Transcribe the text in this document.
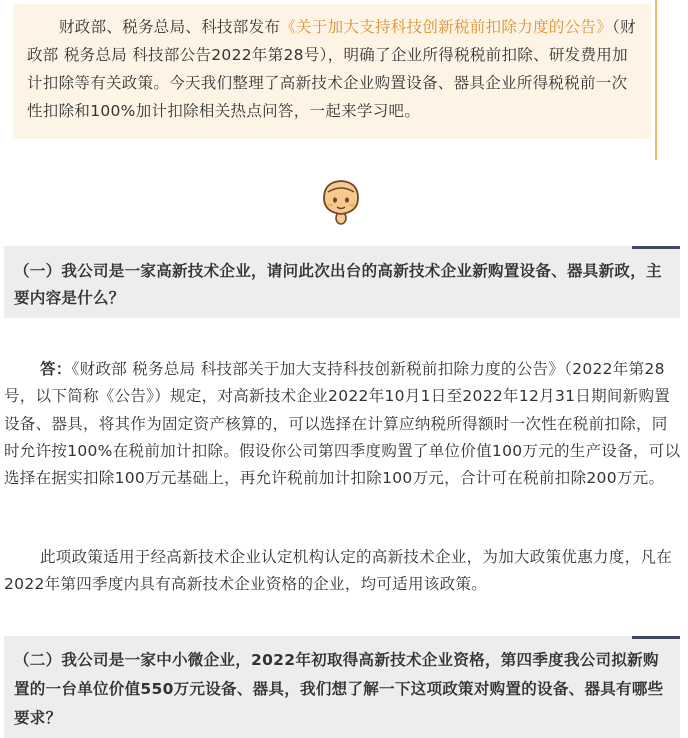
财政部、税务总局、科技部发布《关于加大支持科技创新税前扣除力度的公告》（财政部 税务总局 科技部公告2022年第28号），明确了企业所得税税前扣除、研发费用加计扣除等有关政策。今天我们整理了高新技术企业购置设备、器具企业所得税税前一次性扣除和100%加计扣除相关热点问答，一起来学习吧。
（一）我公司是一家高新技术企业，请问此次出台的高新技术企业新购置设备、器具新政，主要内容是什么？
答：《财政部 税务总局 科技部关于加大支持科技创新税前扣除力度的公告》（2022年第28号，以下简称《公告》）规定，对高新技术企业2022年10月1日至2022年12月31日期间新购置设备、器具，将其作为固定资产核算的，可以选择在计算应纳税所得额时一次性在税前扣除，同时允许按100%在税前加计扣除。假设你公司第四季度购置了单位价值100万元的生产设备，可以选择在据实扣除100万元基础上，再允许税前加计扣除100万元，合计可在税前扣除200万元。
此项政策适用于经高新技术企业认定机构认定的高新技术企业，为加大政策优惠力度，凡在2022年第四季度内具有高新技术企业资格的企业，均可适用该政策。
（二）我公司是一家中小微企业，2022年初取得高新技术企业资格，第四季度我公司拟新购置的一台单位价值550万元设备、器具，我们想了解一下这项政策对购置的设备、器具有哪些要求？
